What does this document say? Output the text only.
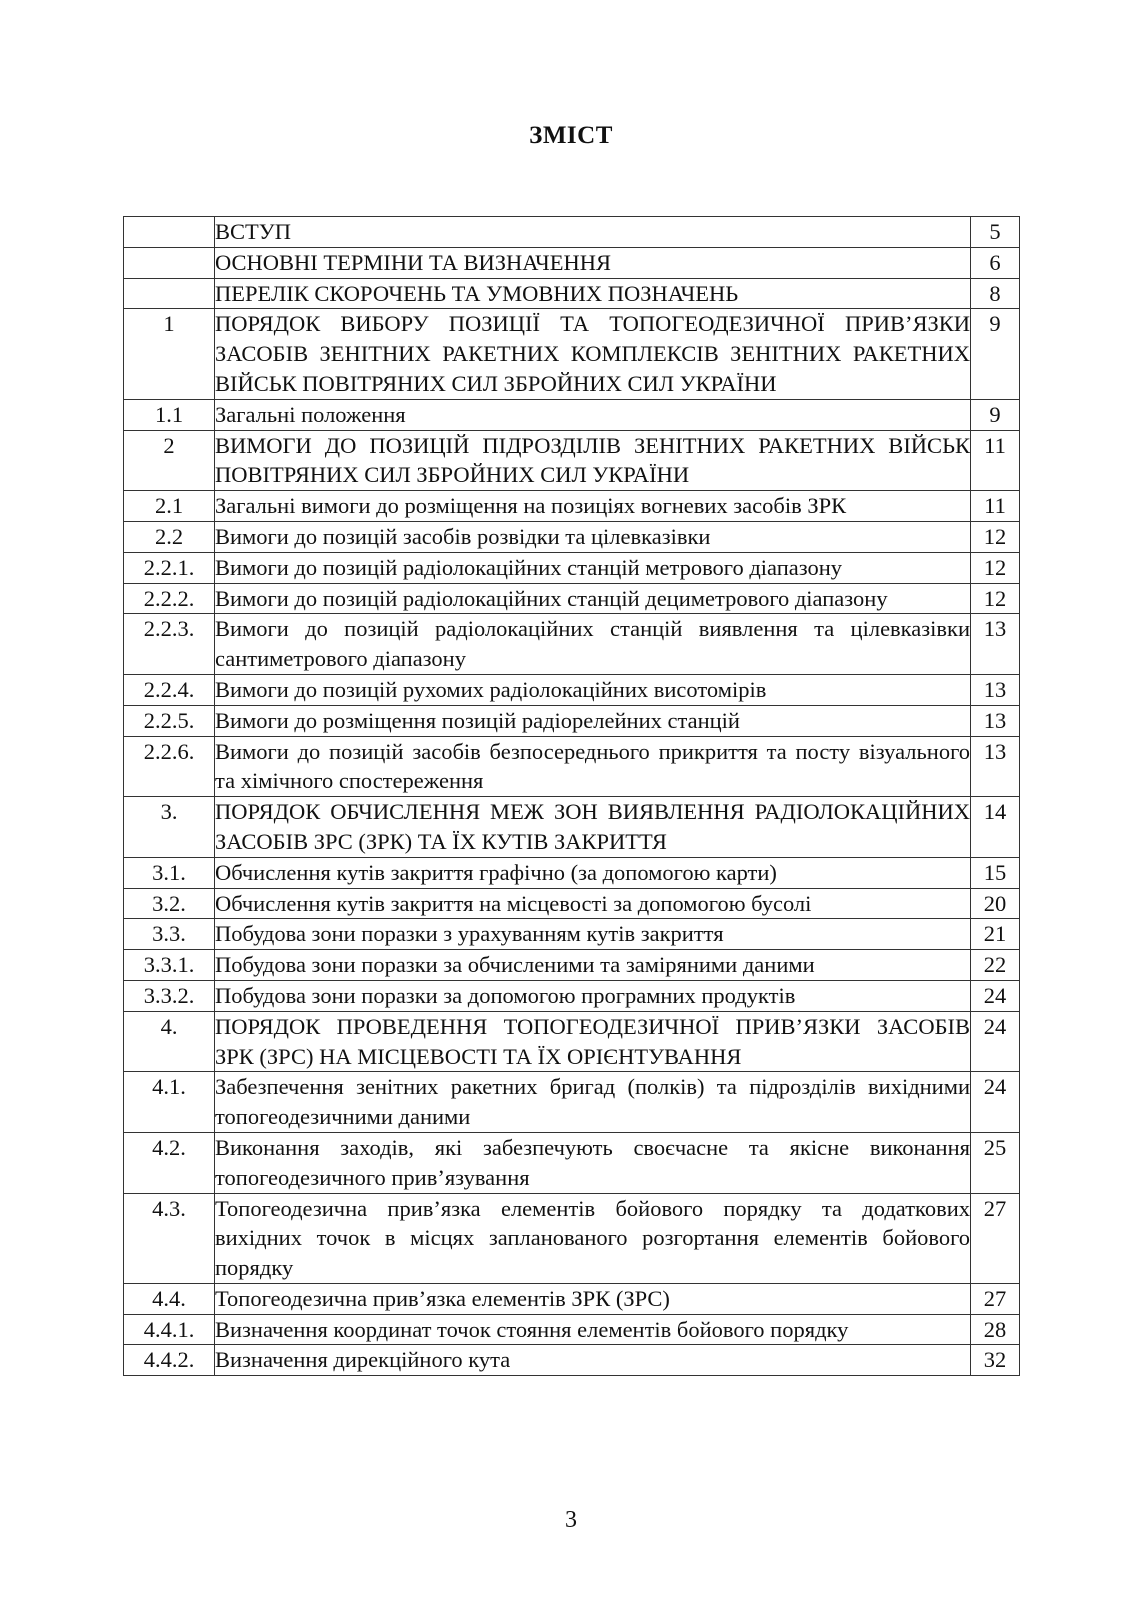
ЗМІСТ
	ВСТУП	5
	ОСНОВНІ ТЕРМІНИ ТА ВИЗНАЧЕННЯ	6
	ПЕРЕЛІК СКОРОЧЕНЬ ТА УМОВНИХ ПОЗНАЧЕНЬ	8
1	ПОРЯДОК ВИБОРУ ПОЗИЦІЇ ТА ТОПОГЕОДЕЗИЧНОЇ ПРИВ’ЯЗКИ ЗАСОБІВ ЗЕНІТНИХ РАКЕТНИХ КОМПЛЕКСІВ ЗЕНІТНИХ РАКЕТНИХ ВІЙСЬК ПОВІТРЯНИХ СИЛ ЗБРОЙНИХ СИЛ УКРАЇНИ	9
1.1	Загальні положення	9
2	ВИМОГИ ДО ПОЗИЦІЙ ПІДРОЗДІЛІВ ЗЕНІТНИХ РАКЕТНИХ ВІЙСЬК ПОВІТРЯНИХ СИЛ ЗБРОЙНИХ СИЛ УКРАЇНИ	11
2.1	Загальні вимоги до розміщення на позиціях вогневих засобів ЗРК	11
2.2	Вимоги до позицій засобів розвідки та цілевказівки	12
2.2.1.	Вимоги до позицій радіолокаційних станцій метрового діапазону	12
2.2.2.	Вимоги до позицій радіолокаційних станцій дециметрового діапазону	12
2.2.3.	Вимоги до позицій радіолокаційних станцій виявлення та цілевказівки сантиметрового діапазону	13
2.2.4.	Вимоги до позицій рухомих радіолокаційних висотомірів	13
2.2.5.	Вимоги до розміщення позицій радіорелейних станцій	13
2.2.6.	Вимоги до позицій засобів безпосереднього прикриття та посту візуального та хімічного спостереження	13
3.	ПОРЯДОК ОБЧИСЛЕННЯ МЕЖ ЗОН ВИЯВЛЕННЯ РАДІОЛОКАЦІЙНИХ ЗАСОБІВ ЗРС (ЗРК) ТА ЇХ КУТІВ ЗАКРИТТЯ	14
3.1.	Обчислення кутів закриття графічно (за допомогою карти)	15
3.2.	Обчислення кутів закриття на місцевості за допомогою бусолі	20
3.3.	Побудова зони поразки з урахуванням кутів закриття	21
3.3.1.	Побудова зони поразки за обчисленими та заміряними даними	22
3.3.2.	Побудова зони поразки за допомогою програмних продуктів	24
4.	ПОРЯДОК ПРОВЕДЕННЯ ТОПОГЕОДЕЗИЧНОЇ ПРИВ’ЯЗКИ ЗАСОБІВ ЗРК (ЗРС) НА МІСЦЕВОСТІ ТА ЇХ ОРІЄНТУВАННЯ	24
4.1.	Забезпечення зенітних ракетних бригад (полків) та підрозділів вихідними топогеодезичними даними	24
4.2.	Виконання заходів, які забезпечують своєчасне та якісне виконання топогеодезичного прив’язування	25
4.3.	Топогеодезична прив’язка елементів бойового порядку та додаткових вихідних точок в місцях запланованого розгортання елементів бойового порядку	27
4.4.	Топогеодезична прив’язка елементів ЗРК (ЗРС)	27
4.4.1.	Визначення координат точок стояння елементів бойового порядку	28
4.4.2.	Визначення дирекційного кута	32
3
